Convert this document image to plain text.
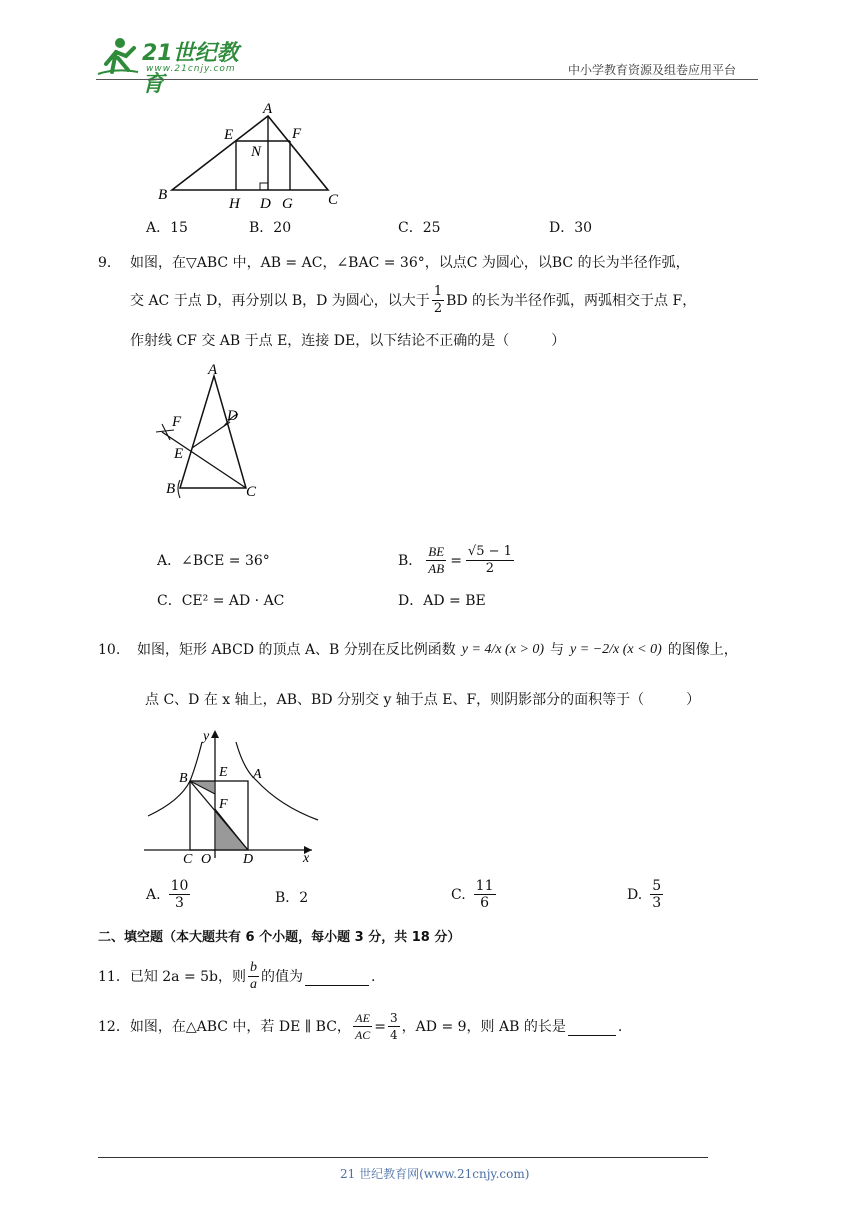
21世纪教育
www.21cnjy.com	中小学教育资源及组卷应用平台
A
E	F
N
B
H D G C
A．15	B．20	C．25	D．30
9． 如图，在▽ABC 中，AB = AC，∠BAC = 36°，以点C 为圆心，以BC 的长为半径作弧，
交 AC 于点 D，再分别以 B，D 为圆心，以大于 $\frac{1}{2}$ BD 的长为半径作弧，两弧相交于点 F，
作射线 CF 交 AB 于点 E，连接 DE，以下结论不正确的是（　　　）
A
F	D
E
B	C
A．∠BCE = 36°	B． $\frac{BE}{AB} = \frac{√5 - 1}{2}$
C．CE² = AD · AC	D．AD = BE
10. 如图，矩形 ABCD 的顶点 A、B 分别在反比例函数 y = 4/x (x > 0) 与 y = −2/x (x < 0) 的图像上，
点 C、D 在 x 轴上，AB、BD 分别交 y 轴于点 E、F，则阴影部分的面积等于（　　　）
y
B E A
F
C O D	x
A. $\frac{10}{3}$	B．2	C. $\frac{11}{6}$	D. $\frac{5}{3}$
二、填空题（本大题共有 6 个小题，每小题 3 分，共 18 分）
11．已知 2a = 5b，则 $\frac{b}{a}$ 的值为	.
12．如图，在△ABC 中，若 DE ∥ BC， $\frac{AE}{AC} = \frac{3}{4}$ ，AD = 9，则 AB 的长是	.
21 世纪教育网(www.21cnjy.com)
